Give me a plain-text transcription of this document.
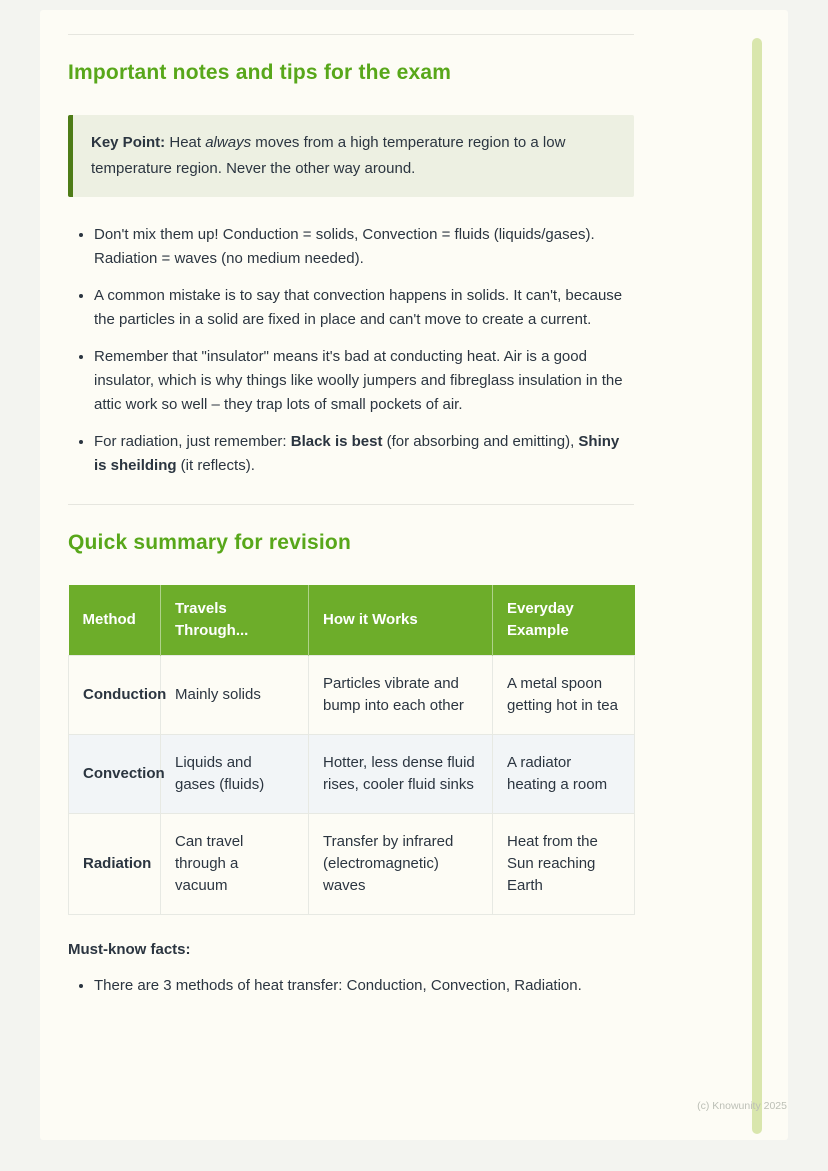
Important notes and tips for the exam

Key Point: Heat always moves from a high temperature region to a low temperature region. Never the other way around.

• Don't mix them up! Conduction = solids, Convection = fluids (liquids/gases). Radiation = waves (no medium needed).
• A common mistake is to say that convection happens in solids. It can't, because the particles in a solid are fixed in place and can't move to create a current.
• Remember that "insulator" means it's bad at conducting heat. Air is a good insulator, which is why things like woolly jumpers and fibreglass insulation in the attic work so well – they trap lots of small pockets of air.
• For radiation, just remember: Black is best (for absorbing and emitting), Shiny is sheilding (it reflects).
Quick summary for revision
Method	Travels Through...	How it Works	Everyday Example
Conduction	Mainly solids	Particles vibrate and bump into each other	A metal spoon getting hot in tea
Convection	Liquids and gases (fluids)	Hotter, less dense fluid rises, cooler fluid sinks	A radiator heating a room
Radiation	Can travel through a vacuum	Transfer by infrared (electromagnetic) waves	Heat from the Sun reaching Earth

Must-know facts:

• There are 3 methods of heat transfer: Conduction, Convection, Radiation.
(c) Knowunity 2025
